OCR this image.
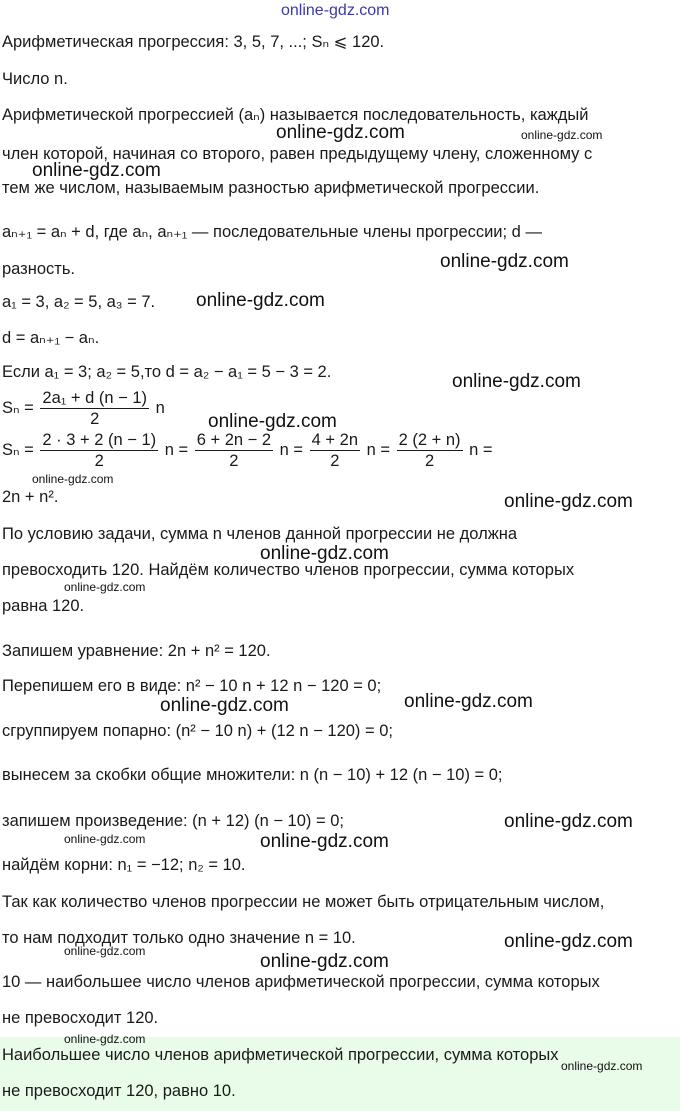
online-gdz.com
Арифметическая прогрессия: 3, 5, 7, ...; Sₙ ⩽ 120.
Число n.
Арифметической прогрессией (aₙ) называется последовательность, каждый
член которой, начиная со второго, равен предыдущему члену, сложенному с
тем же числом, называемым разностью арифметической прогрессии.
aₙ₊₁ = aₙ + d, где aₙ, aₙ₊₁ — последовательные члены прогрессии; d —
разность.
a₁ = 3, a₂ = 5, a₃ = 7.
d = aₙ₊₁ − aₙ.
Если a₁ = 3; a₂ = 5,то d = a₂ − a₁ = 5 − 3 = 2.
$S_n = \frac{\text{2a₁ + d (n − 1)}}{2}$ n
$S_n = \frac{2 \cdot 3 + 2 (n - 1)}{2}$ $n = \frac{6 + 2n - 2}{2}$ $n = \frac{4 + 2n}{2}$ $n = \frac{2 (2 + n)}{2}$ n =
2n + n².
По условию задачи, сумма n членов данной прогрессии не должна
превосходить 120. Найдём количество членов прогрессии, сумма которых
равна 120.
Запишем уравнение: 2n + n² = 120.
Перепишем его в виде: n² − 10 n + 12 n − 120 = 0;
сгруппируем попарно: (n² − 10 n) + (12 n − 120) = 0;
вынесем за скобки общие множители: n (n − 10) + 12 (n − 10) = 0;
запишем произведение: (n + 12) (n − 10) = 0;
найдём корни: n₁ = −12; n₂ = 10.
Так как количество членов прогрессии не может быть отрицательным числом,
то нам подходит только одно значение n = 10.
10 — наибольшее число членов арифметической прогрессии, сумма которых
не превосходит 120.
Наибольшее число членов арифметической прогрессии, сумма которых
не превосходит 120, равно 10.
online-gdz.com	online-gdz.com
online-gdz.com
online-gdz.com
online-gdz.com
online-gdz.com
online-gdz.com
online-gdz.com
online-gdz.com
online-gdz.com
online-gdz.com
online-gdz.com
online-gdz.com
online-gdz.com
online-gdz.com	online-gdz.com
online-gdz.com
online-gdz.com	online-gdz.com
online-gdz.com
online-gdz.com
